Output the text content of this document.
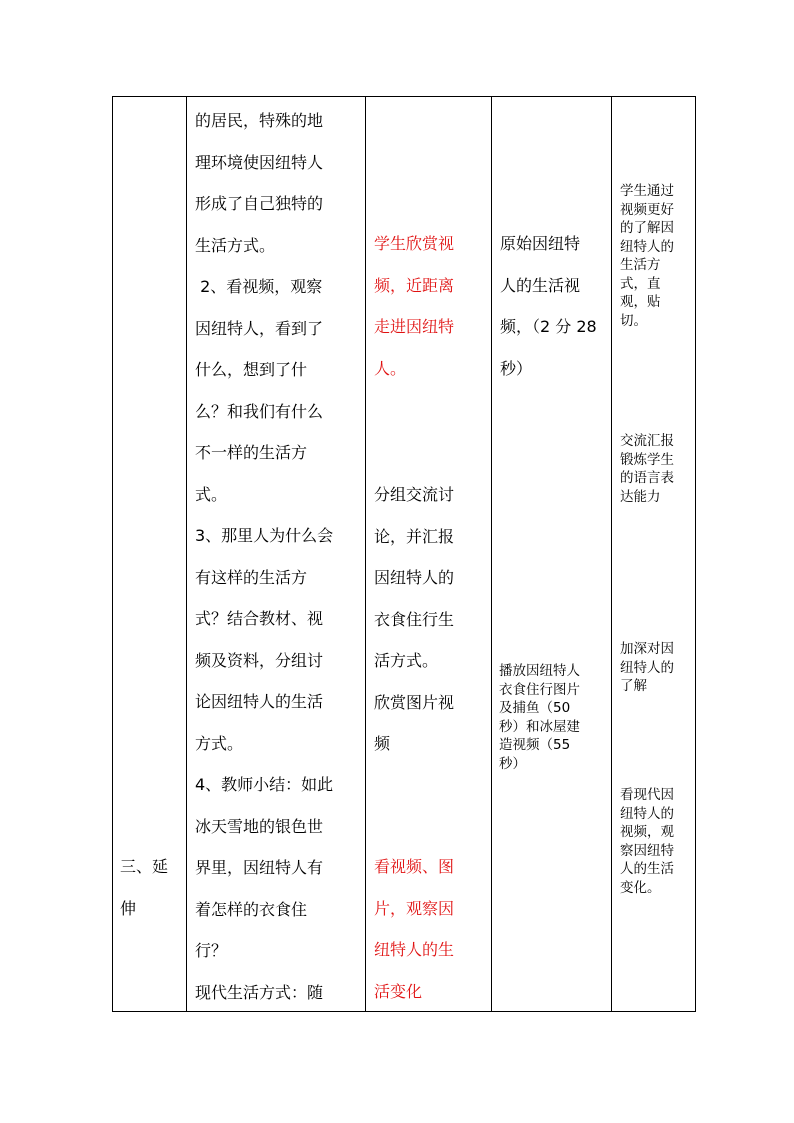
三、延
伸
的居民，特殊的地
理环境使因纽特人
形成了自己独特的
生活方式。
2、看视频，观察
因纽特人，看到了
什么，想到了什
么？和我们有什么
不一样的生活方
式。
3、那里人为什么会
有这样的生活方
式？结合教材、视
频及资料，分组讨
论因纽特人的生活
方式。
4、教师小结：如此
冰天雪地的银色世
界里，因纽特人有
着怎样的衣食住
行？
现代生活方式：随
学生欣赏视
频，近距离
走进因纽特
人。
分组交流讨
论，并汇报
因纽特人的
衣食住行生
活方式。
欣赏图片视
频
看视频、图
片，观察因
纽特人的生
活变化
原始因纽特
人的生活视
频，（2 分 28
秒）
播放因纽特人
衣食住行图片
及捕鱼（50
秒）和冰屋建
造视频（55
秒）
学生通过
视频更好
的了解因
纽特人的
生活方
式，直
观，贴
切。
交流汇报
锻炼学生
的语言表
达能力
加深对因
纽特人的
了解
看现代因
纽特人的
视频，观
察因纽特
人的生活
变化。
